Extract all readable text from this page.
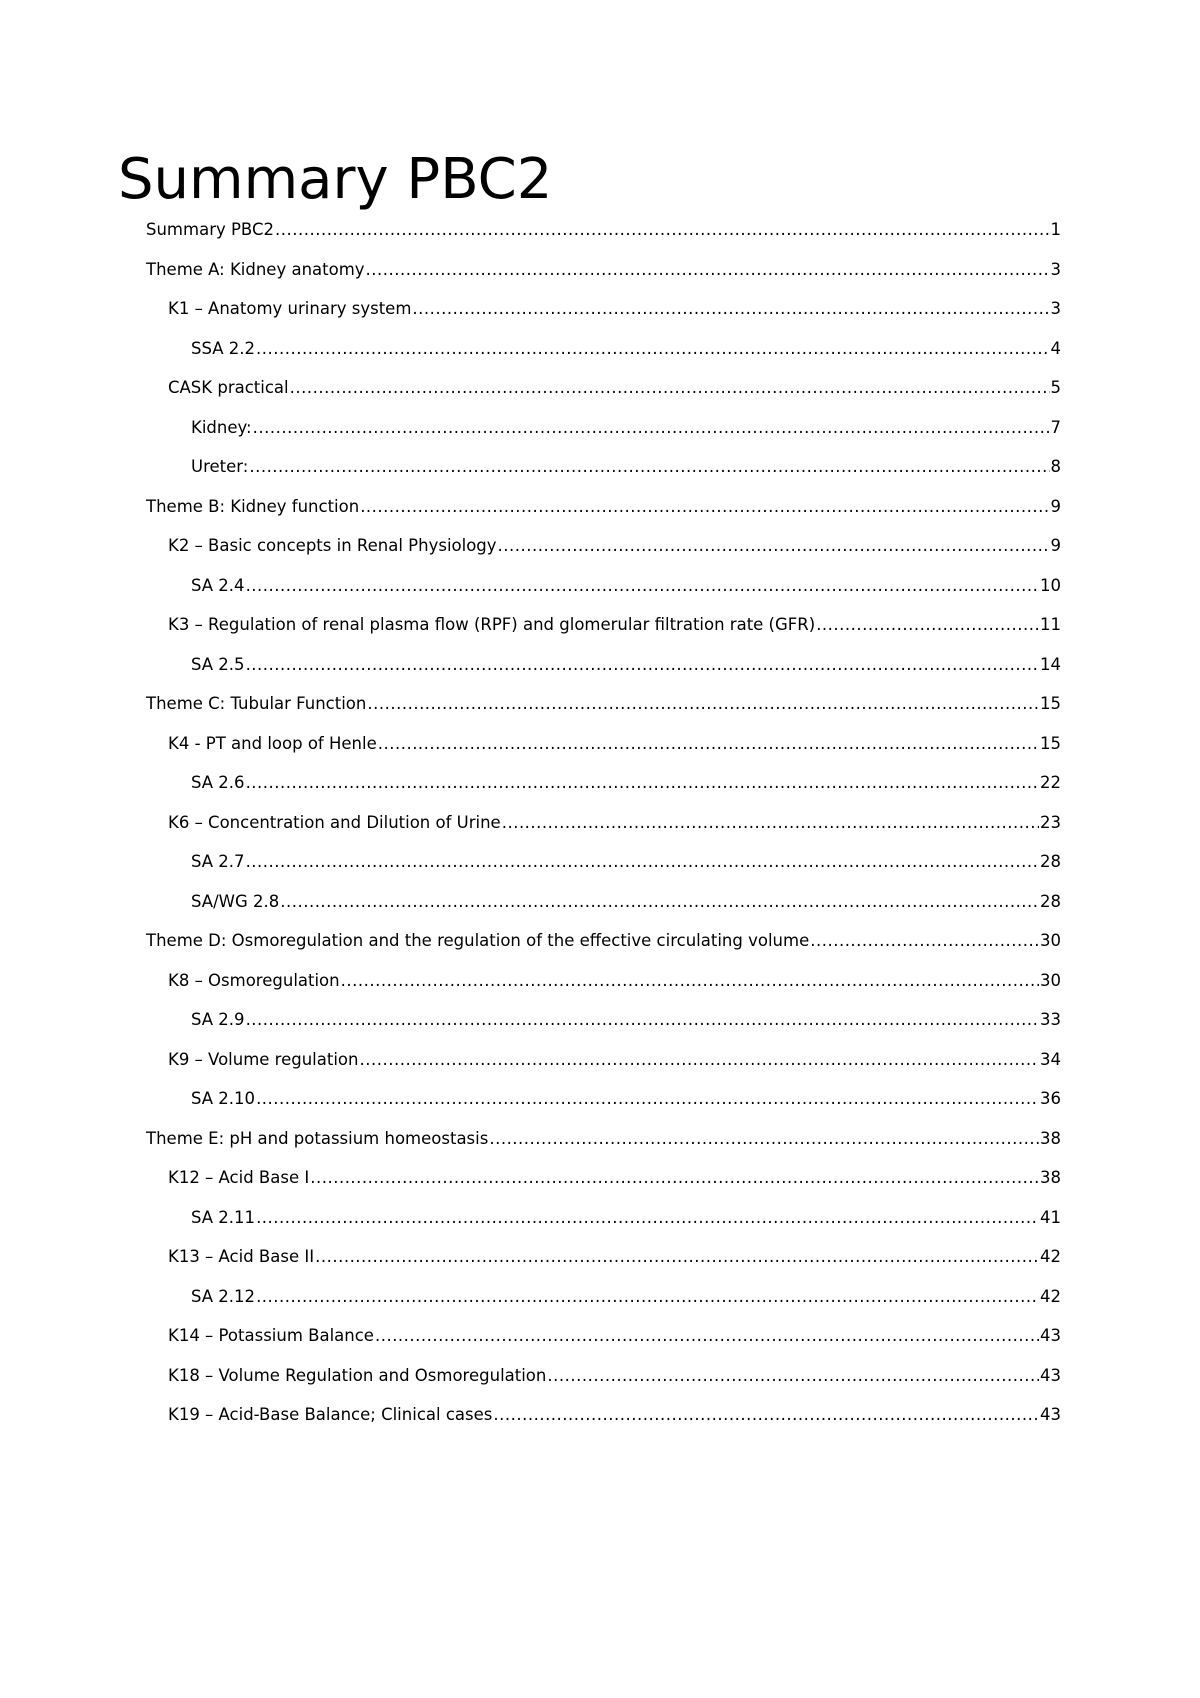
Summary PBC2
Summary PBC2 .....	1
Theme A: Kidney anatomy .....	3
K1 – Anatomy urinary system .....	3
SSA 2.2 .....	4
CASK practical .....	5
Kidney: .....	7
Ureter: .....	8
Theme B: Kidney function .....	9
K2 – Basic concepts in Renal Physiology .....	9
SA 2.4 .....	10
K3 – Regulation of renal plasma flow (RPF) and glomerular filtration rate (GFR) .....	11
SA 2.5 .....	14
Theme C: Tubular Function .....	15
K4 - PT and loop of Henle .....	15
SA 2.6 .....	22
K6 – Concentration and Dilution of Urine .....	23
SA 2.7 .....	28
SA/WG 2.8 .....	28
Theme D: Osmoregulation and the regulation of the effective circulating volume .....	30
K8 – Osmoregulation .....	30
SA 2.9 .....	33
K9 – Volume regulation .....	34
SA 2.10 .....	36
Theme E: pH and potassium homeostasis .....	38
K12 – Acid Base I .....	38
SA 2.11 .....	41
K13 – Acid Base II .....	42
SA 2.12 .....	42
K14 – Potassium Balance .....	43
K18 – Volume Regulation and Osmoregulation .....	43
K19 – Acid-Base Balance; Clinical cases .....	43
